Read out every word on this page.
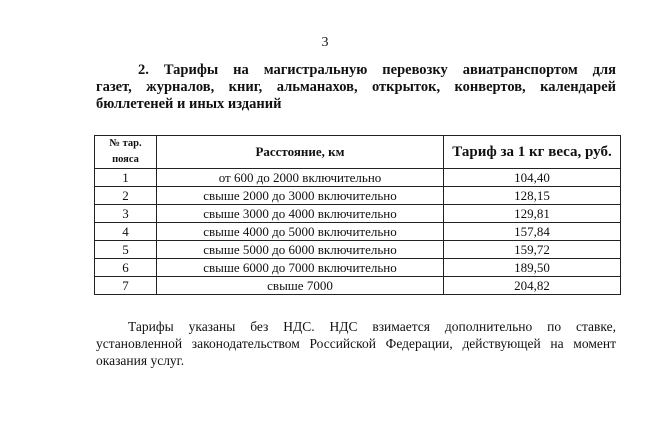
3
2. Тарифы на магистральную перевозку авиатранспортом для
газет, журналов, книг, альманахов, открыток, конвертов, календарей
бюллетеней и иных изданий
№ тар. пояса	Расстояние, км	Тариф за 1 кг веса, руб.
1	от 600 до 2000 включительно	104,40
2	свыше 2000 до 3000 включительно	128,15
3	свыше 3000 до 4000 включительно	129,81
4	свыше 4000 до 5000 включительно	157,84
5	свыше 5000 до 6000 включительно	159,72
6	свыше 6000 до 7000 включительно	189,50
7	свыше 7000	204,82
Тарифы указаны без НДС. НДС взимается дополнительно по ставке,
установленной законодательством Российской Федерации, действующей на момент
оказания услуг.
